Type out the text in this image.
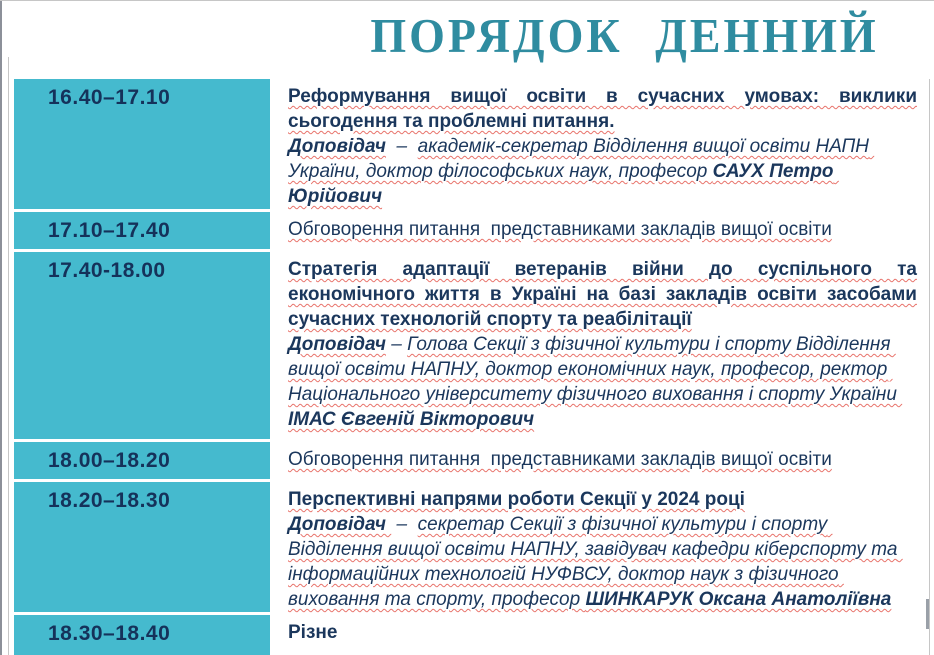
ПОРЯДОК ДЕННИЙ
16.40–17.10	Реформування вищої освіти в сучасних умовах: виклики сьогодення та проблемні питання.

Доповідач  –  академік-секретар Відділення вищої освіти НАПН України, доктор філософських наук, професор САУХ Петро Юрійович

17.10–17.40	Обговорення питання  представниками закладів вищої освіти

17.40-18.00	Стратегія адаптації ветеранів війни до суспільного та економічного життя в Україні на базі закладів освіти засобами сучасних технологій спорту та реабілітації

Доповідач – Голова Секції з фізичної культури і спорту Відділення вищої освіти НАПНУ, доктор економічних наук, професор, ректор Національного університету фізичного виховання і спорту України ІМАС Євгеній Вікторович

18.00–18.20	Обговорення питання  представниками закладів вищої освіти

18.20–18.30	Перспективні напрями роботи Секції у 2024 році

Доповідач  –  секретар Секції з фізичної культури і спорту Відділення вищої освіти НАПНУ, завідувач кафедри кіберспорту та інформаційних технологій НУФВСУ, доктор наук з фізичного виховання та спорту, професор ШИНКАРУК Оксана Анатоліївна

18.30–18.40	Різне
